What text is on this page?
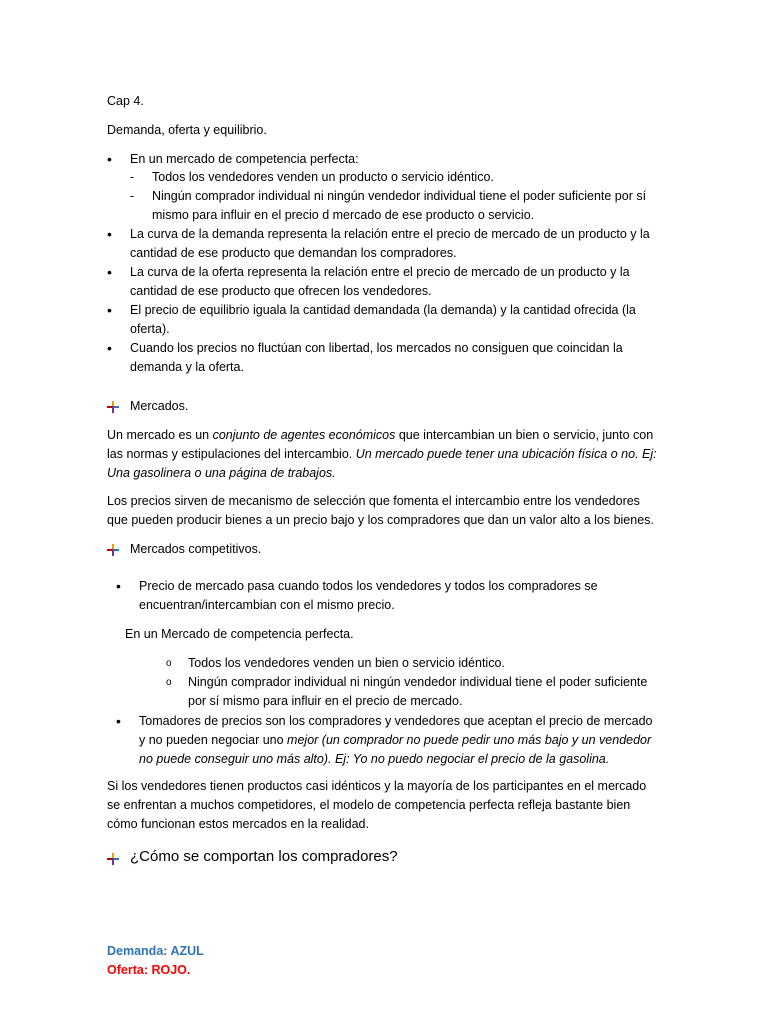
Cap 4.
Demanda, oferta y equilibrio.
• En un mercado de competencia perfecta:
- Todos los vendedores venden un producto o servicio idéntico.
- Ningún comprador individual ni ningún vendedor individual tiene el poder suficiente por sí
mismo para influir en el precio d mercado de ese producto o servicio.
• La curva de la demanda representa la relación entre el precio de mercado de un producto y la
cantidad de ese producto que demandan los compradores.
• La curva de la oferta representa la relación entre el precio de mercado de un producto y la
cantidad de ese producto que ofrecen los vendedores.
• El precio de equilibrio iguala la cantidad demandada (la demanda) y la cantidad ofrecida (la
oferta).
• Cuando los precios no fluctúan con libertad, los mercados no consiguen que coincidan la
demanda y la oferta.
Mercados.
Un mercado es un conjunto de agentes económicos que intercambian un bien o servicio, junto con
las normas y estipulaciones del intercambio. Un mercado puede tener una ubicación física o no. Ej:
Una gasolinera o una página de trabajos.
Los precios sirven de mecanismo de selección que fomenta el intercambio entre los vendedores
que pueden producir bienes a un precio bajo y los compradores que dan un valor alto a los bienes.
Mercados competitivos.
• Precio de mercado pasa cuando todos los vendedores y todos los compradores se
encuentran/intercambian con el mismo precio.
En un Mercado de competencia perfecta.
o Todos los vendedores venden un bien o servicio idéntico.
o Ningún comprador individual ni ningún vendedor individual tiene el poder suficiente
por sí mismo para influir en el precio de mercado.
• Tomadores de precios son los compradores y vendedores que aceptan el precio de mercado
y no pueden negociar uno mejor (un comprador no puede pedir uno más bajo y un vendedor
no puede conseguir uno más alto). Ej: Yo no puedo negociar el precio de la gasolina.
Si los vendedores tienen productos casi idénticos y la mayoría de los participantes en el mercado
se enfrentan a muchos competidores, el modelo de competencia perfecta refleja bastante bien
cómo funcionan estos mercados en la realidad.
¿Cómo se comportan los compradores?
Demanda: AZUL
Oferta: ROJO.
